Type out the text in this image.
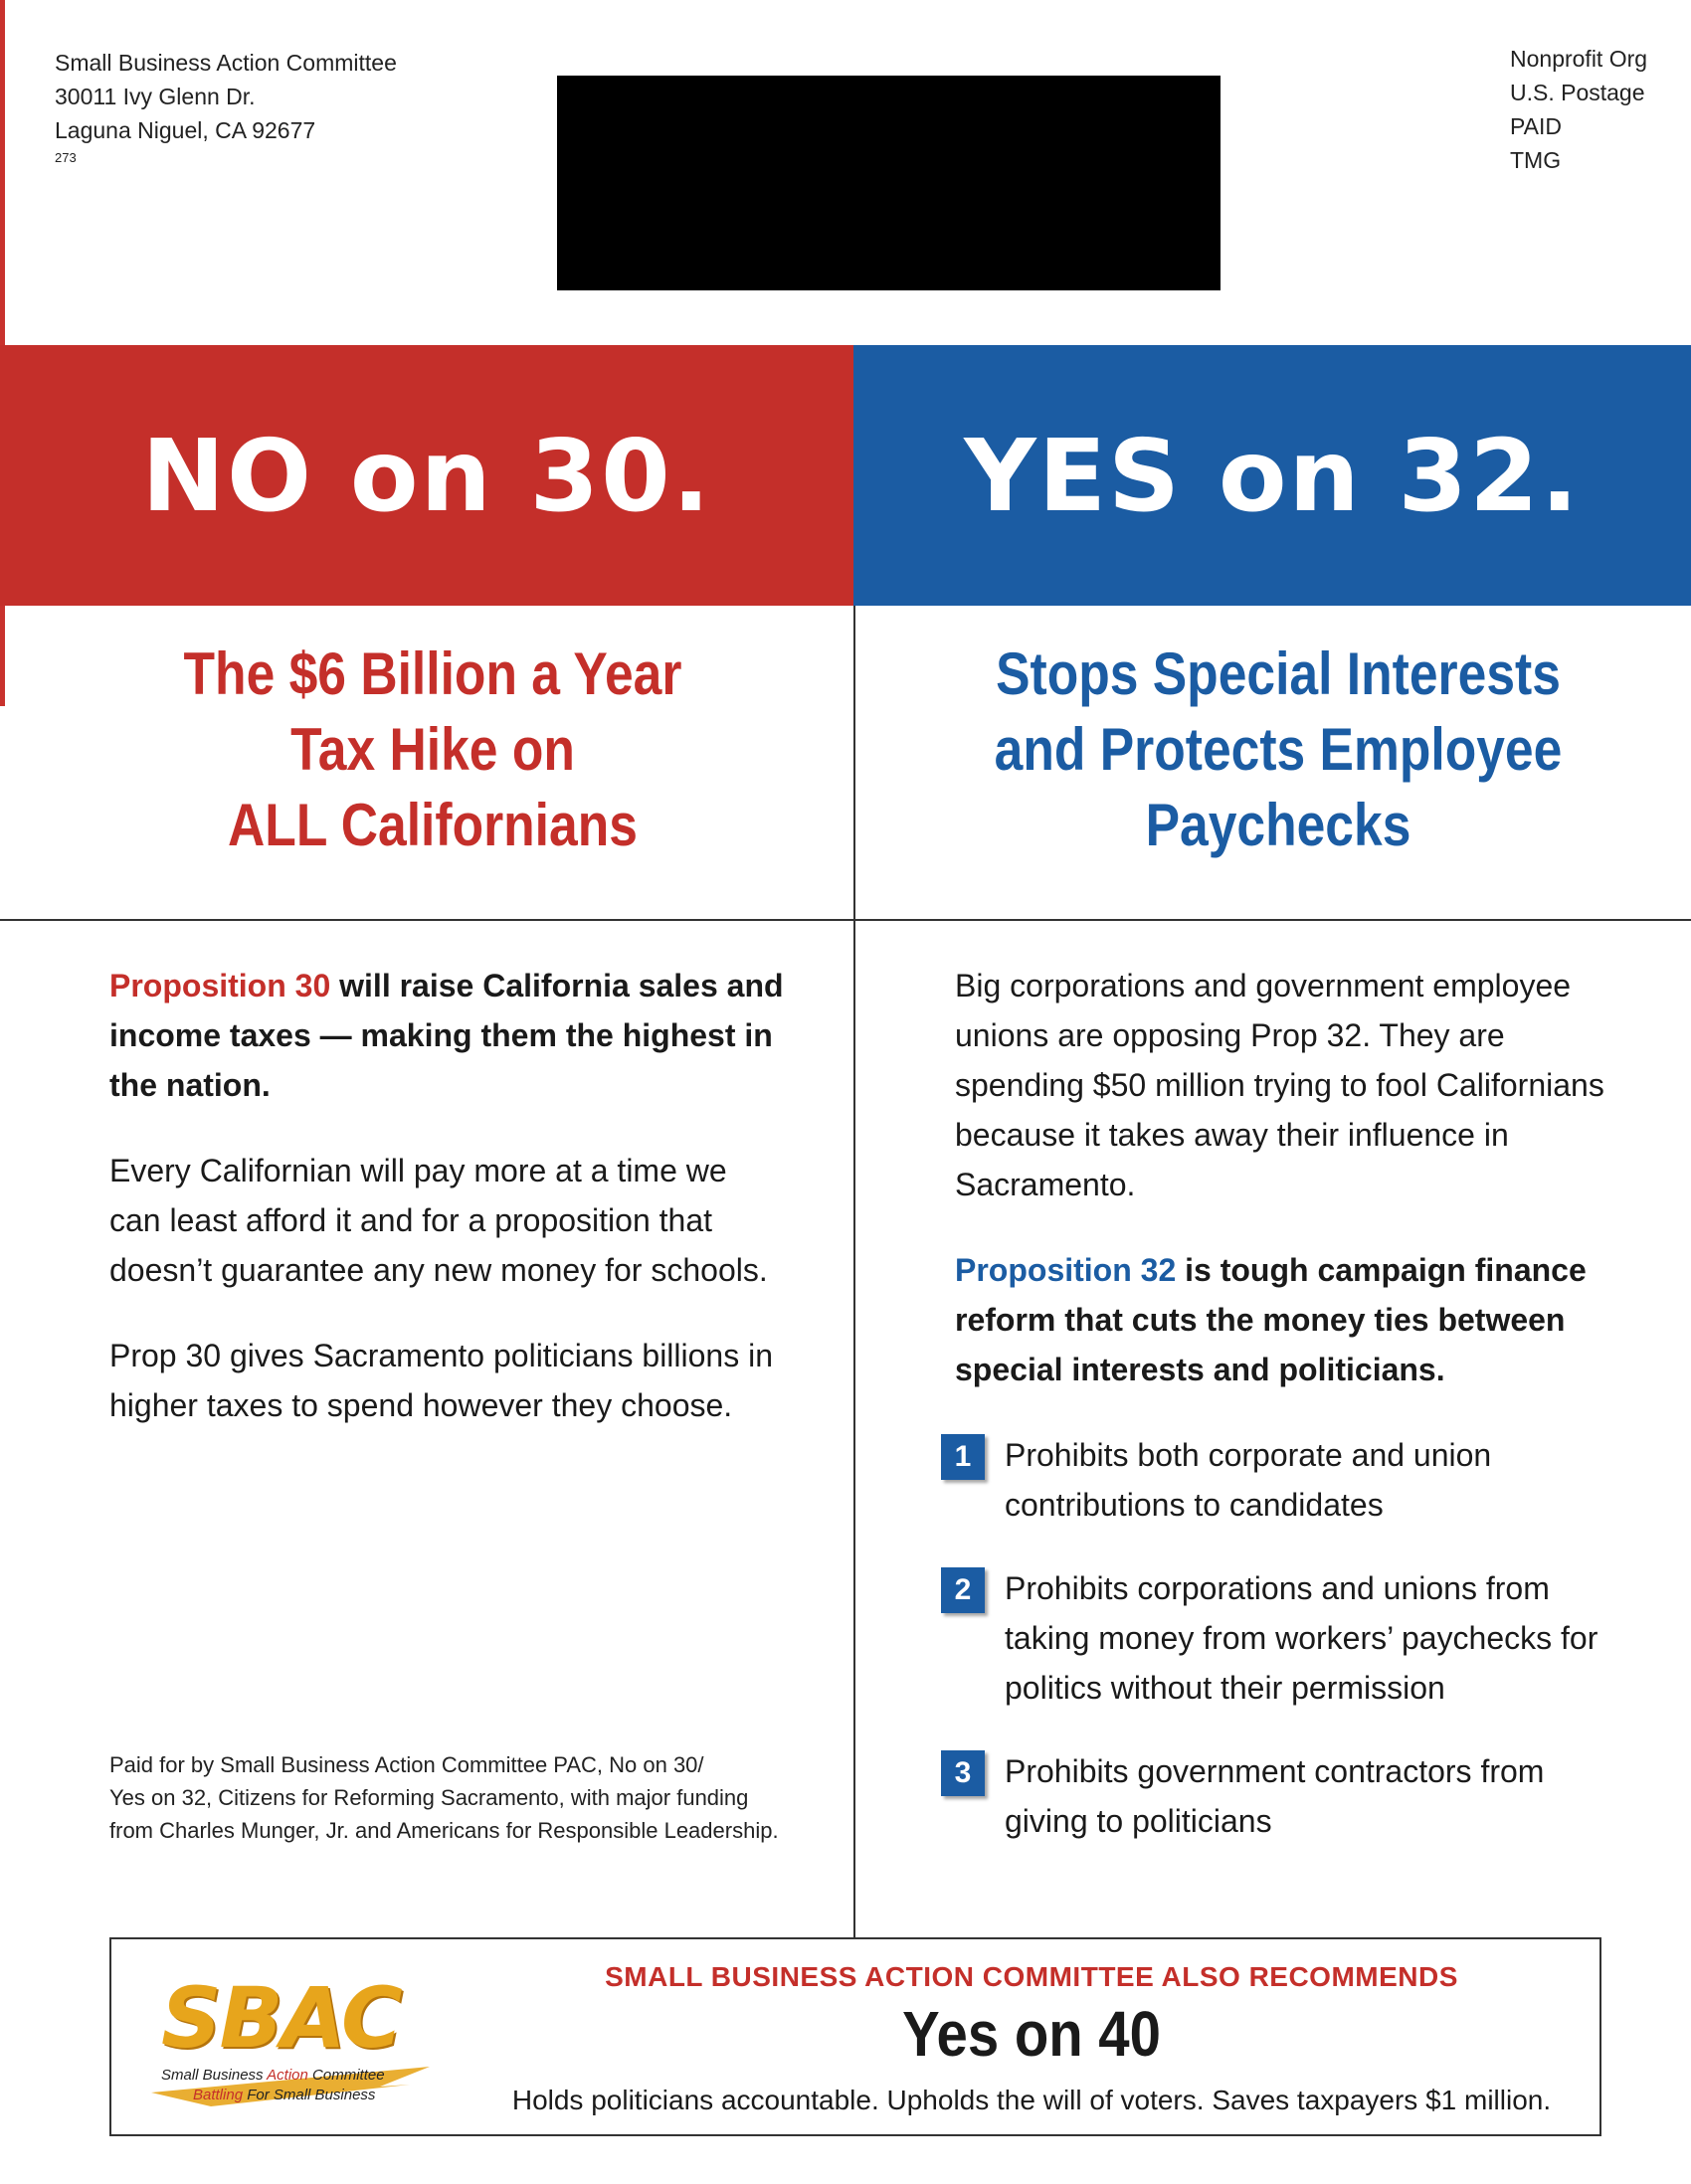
Small Business Action Committee
30011 Ivy Glenn Dr.
Laguna Niguel, CA 92677
273
Nonprofit Org
U.S. Postage
PAID
TMG
NO on 30.	YES on 32.
The $6 Billion a Year
Tax Hike on
ALL Californians
Stops Special Interests
and Protects Employee
Paychecks

Proposition 30 will raise California sales and income taxes — making them the highest in the nation.

Every Californian will pay more at a time we can least afford it and for a proposition that doesn’t guarantee any new money for schools.

Prop 30 gives Sacramento politicians billions in higher taxes to spend however they choose.

Big corporations and government employee unions are opposing Prop 32. They are spending $50 million trying to fool Californians because it takes away their influence in Sacramento.

Proposition 32 is tough campaign finance reform that cuts the money ties between special interests and politicians.

1	Prohibits both corporate and union contributions to candidates
2	Prohibits corporations and unions from taking money from workers’ paychecks for politics without their permission
3	Prohibits government contractors from giving to politicians
Paid for by Small Business Action Committee PAC, No on 30/
Yes on 32, Citizens for Reforming Sacramento, with major funding
from Charles Munger, Jr. and Americans for Responsible Leadership.
SBAC
Small Business Action Committee
Battling For Small Business
SMALL BUSINESS ACTION COMMITTEE ALSO RECOMMENDS
Yes on 40
Holds politicians accountable. Upholds the will of voters. Saves taxpayers $1 million.
